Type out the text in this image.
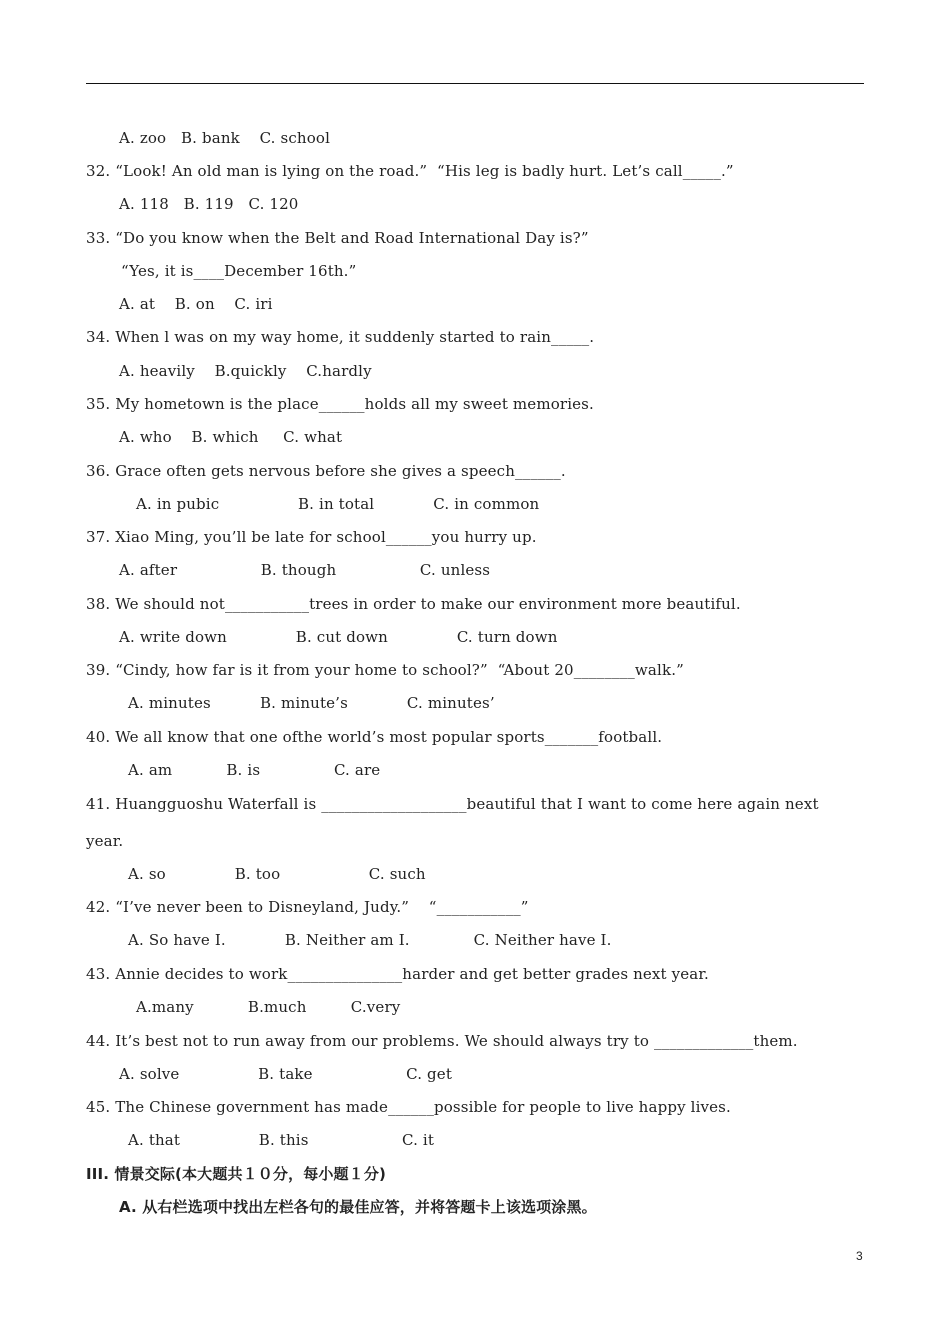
A. zoo   B. bank    C. school
32. “Look! An old man is lying on the road.”  “His leg is badly hurt. Let’s call_____.”
A. 118   B. 119   C. 120
33. “Do you know when the Belt and Road International Day is?”
“Yes, it is____December 16th.”
A. at    B. on    C. iri
34. When l was on my way home, it suddenly started to rain_____.
A. heavily    B.quickly    C.hardly
35. My hometown is the place______holds all my sweet memories.
A. who    B. which     C. what
36. Grace often gets nervous before she gives a speech______.
A. in pubic                B. in total            C. in common
37. Xiao Ming, you’ll be late for school______you hurry up.
A. after                 B. though                 C. unless
38. We should not___________trees in order to make our environment more beautiful.
A. write down              B. cut down              C. turn down
39. “Cindy, how far is it from your home to school?”  “About 20________walk.”
A. minutes          B. minute’s            C. minutes’
40. We all know that one ofthe world’s most popular sports_______football.
A. am           B. is               C. are
41. Huangguoshu Waterfall is ___________________beautiful that I want to come here again next
year.
A. so              B. too                  C. such
42. “I’ve never been to Disneyland, Judy.”    “___________”
A. So have I.            B. Neither am I.             C. Neither have I.
43. Annie decides to work_______________harder and get better grades next year.
A.many           B.much         C.very
44. It’s best not to run away from our problems. We should always try to _____________them.
A. solve                B. take                   C. get
45. The Chinese government has made______possible for people to live happy lives.
A. that                B. this                   C. it
III. 情景交际(本大题共１０分，每小题１分)
A. 从右栏选项中找出左栏各句的最佳应答，并将答题卡上该选项涂黑。
3
